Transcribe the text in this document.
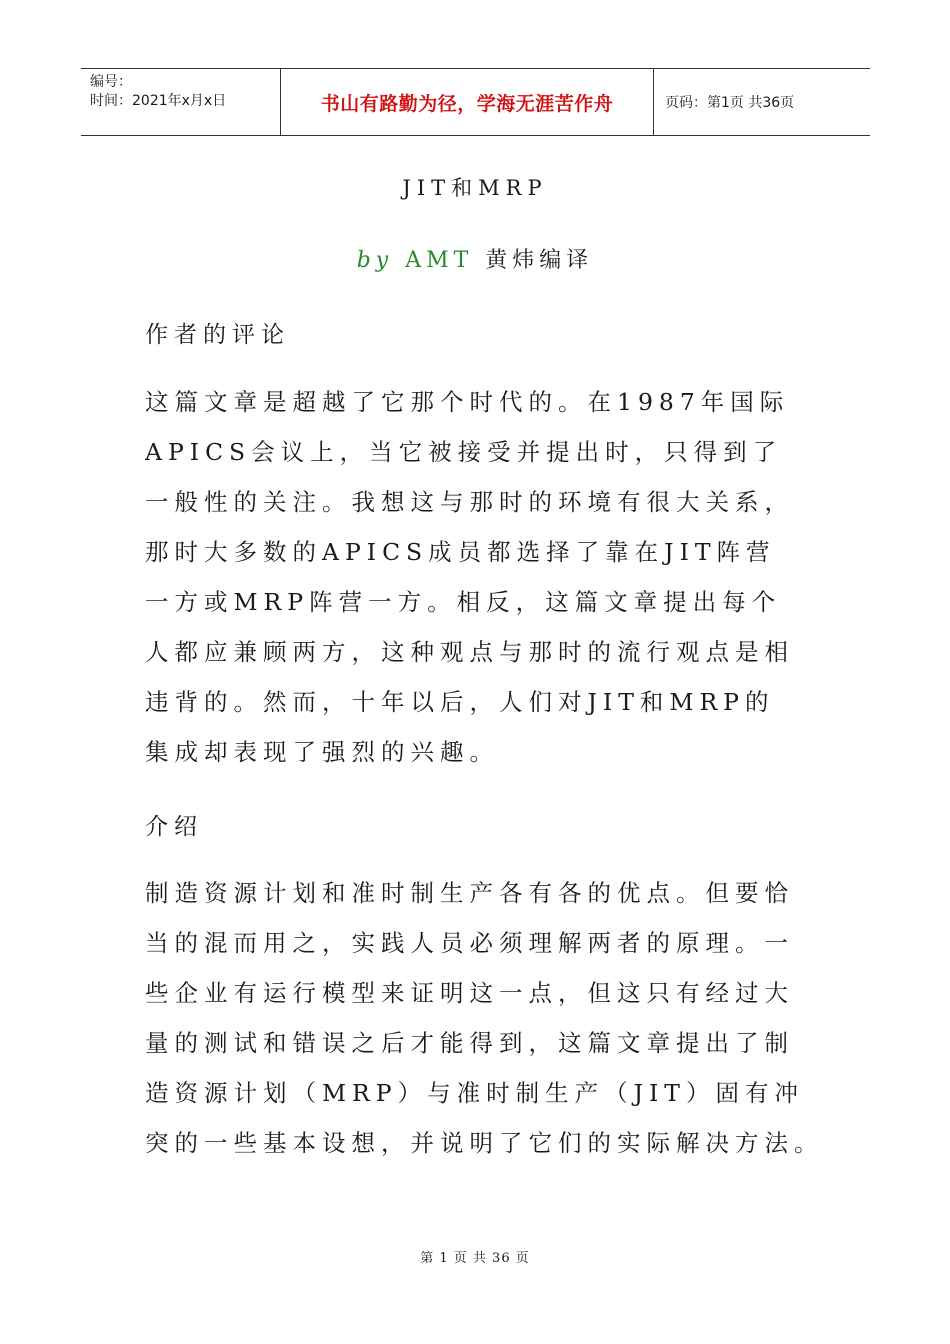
编号：
时间：2021年x月x日	书山有路勤为径，学海无涯苦作舟	页码：第1页 共36页
JIT和MRP
by AMT 黄炜编译
作者的评论
这篇文章是超越了它那个时代的。在1987年国际
APICS会议上，当它被接受并提出时，只得到了
一般性的关注。我想这与那时的环境有很大关系，
那时大多数的APICS成员都选择了靠在JIT阵营
一方或MRP阵营一方。相反，这篇文章提出每个
人都应兼顾两方，这种观点与那时的流行观点是相
违背的。然而，十年以后，人们对JIT和MRP的
集成却表现了强烈的兴趣。
介绍
制造资源计划和准时制生产各有各的优点。但要恰
当的混而用之，实践人员必须理解两者的原理。一
些企业有运行模型来证明这一点，但这只有经过大
量的测试和错误之后才能得到，这篇文章提出了制
造资源计划（MRP）与准时制生产（JIT）固有冲
突的一些基本设想，并说明了它们的实际解决方法。
第 1 页 共 36 页
